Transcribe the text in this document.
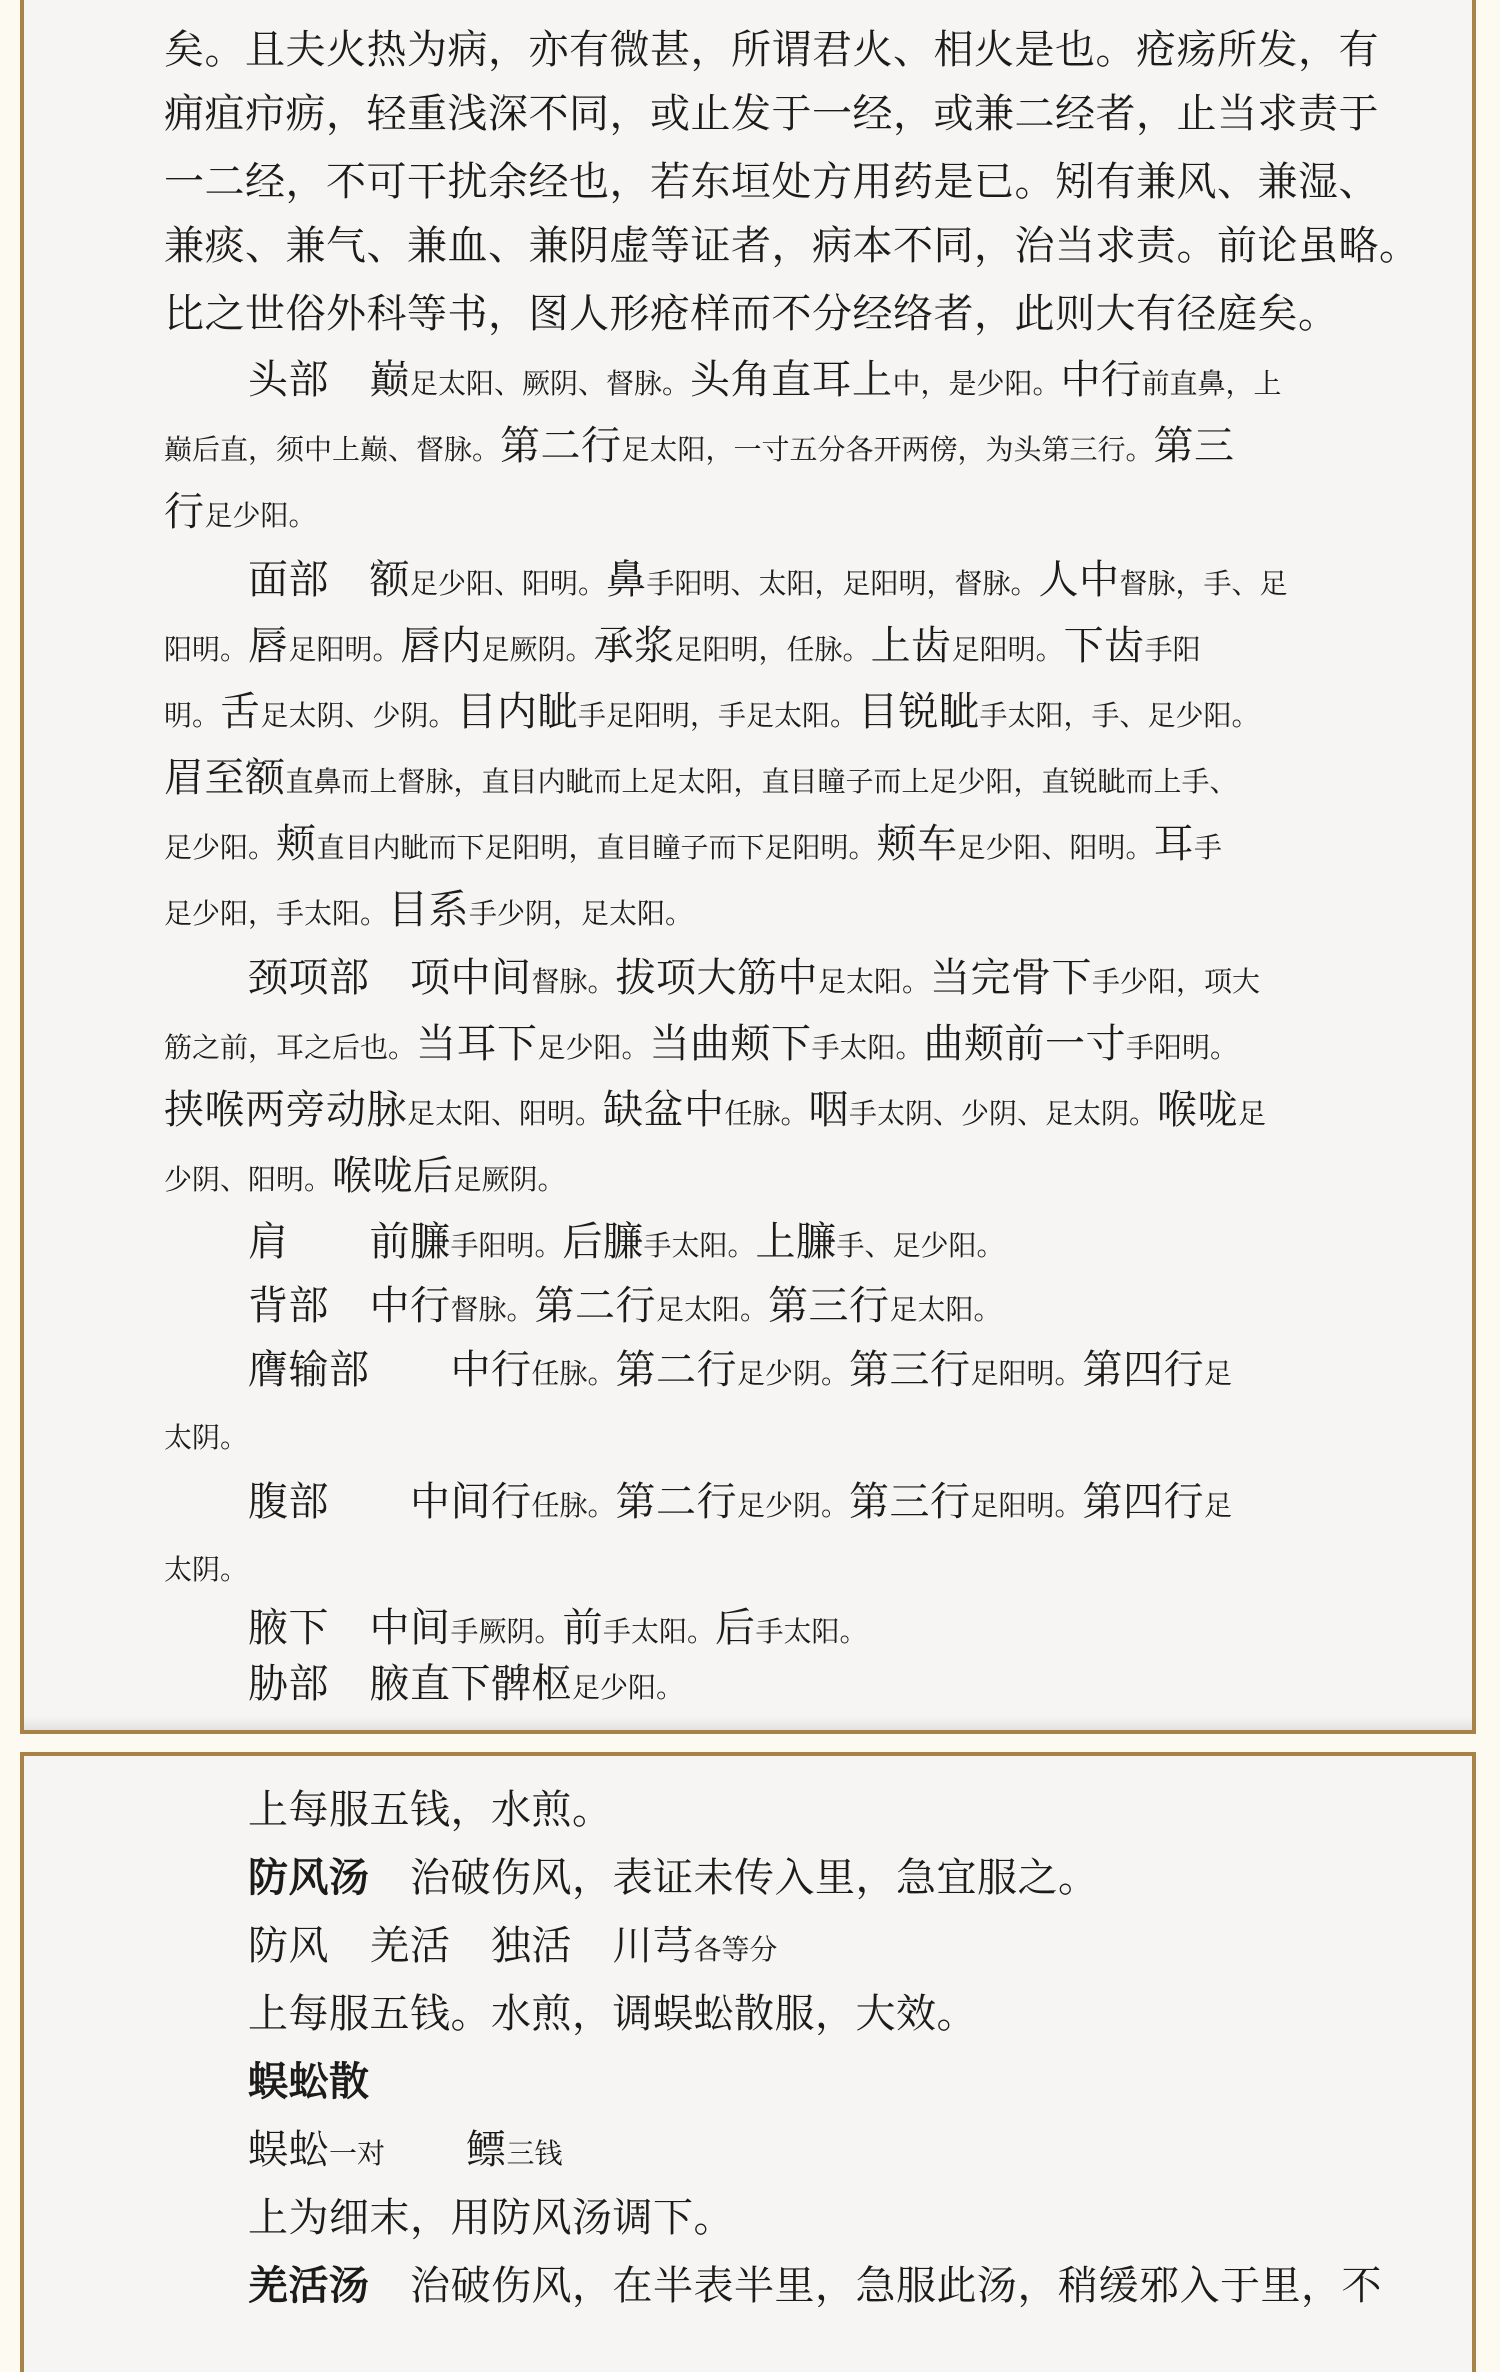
矣。且夫火热为病，亦有微甚，所谓君火、相火是也。疮疡所发，有
痈疽疖疬，轻重浅深不同，或止发于一经，或兼二经者，止当求责于
一二经，不可干扰余经也，若东垣处方用药是已。矧有兼风、兼湿、
兼痰、兼气、兼血、兼阴虚等证者，病本不同，治当求责。前论虽略。
比之世俗外科等书，图人形疮样而不分经络者，此则大有径庭矣。
头部　 巅足太阳、厥阴、督脉。头角直耳上中，是少阳。中行前直鼻，上
巅后直，须中上巅、督脉。第二行足太阳，一寸五分各开两傍，为头第三行。第三
行足少阳。
面部　 额足少阳、阳明。鼻手阳明、太阳，足阳明，督脉。人中督脉，手、足
阳明。唇足阳明。唇内足厥阴。承浆足阳明，任脉。上齿足阳明。下齿手阳
明。舌足太阴、少阴。目内眦手足阳明，手足太阳。目锐眦手太阳，手、足少阳。
眉至额直鼻而上督脉，直目内眦而上足太阳，直目瞳子而上足少阳，直锐眦而上手、
足少阳。颊直目内眦而下足阳明，直目瞳子而下足阳明。颊车足少阳、阳明。耳手
足少阳，手太阳。目系手少阴，足太阳。
颈项部　 项中间督脉。拔项大筋中足太阳。当完骨下手少阳，项大
筋之前，耳之后也。当耳下足少阳。当曲颊下手太阳。曲颊前一寸手阳明。
挟喉两旁动脉足太阳、阳明。缺盆中任脉。咽手太阴、少阴、足太阴。喉咙足
少阴、阳明。喉咙后足厥阴。
肩　　 前臁手阳明。后臁手太阳。上臁手、足少阳。
背部　 中行督脉。第二行足太阳。第三行足太阳。
膺输部　　 中行任脉。第二行足少阴。第三行足阳明。第四行足
太阴。
腹部　　 中间行任脉。第二行足少阴。第三行足阳明。第四行足
太阴。
腋下　 中间手厥阴。前手太阳。后手太阳。
胁部　 腋直下髀枢足少阳。
上每服五钱，水煎。
防风汤　 治破伤风，表证未传入里，急宜服之。
防风　 羌活　 独活　 川芎各等分
上每服五钱。水煎，调蜈蚣散服，大效。
蜈蚣散
蜈蚣一对　　 鳔三钱
上为细末，用防风汤调下。
羌活汤　 治破伤风，在半表半里，急服此汤，稍缓邪入于里，不
